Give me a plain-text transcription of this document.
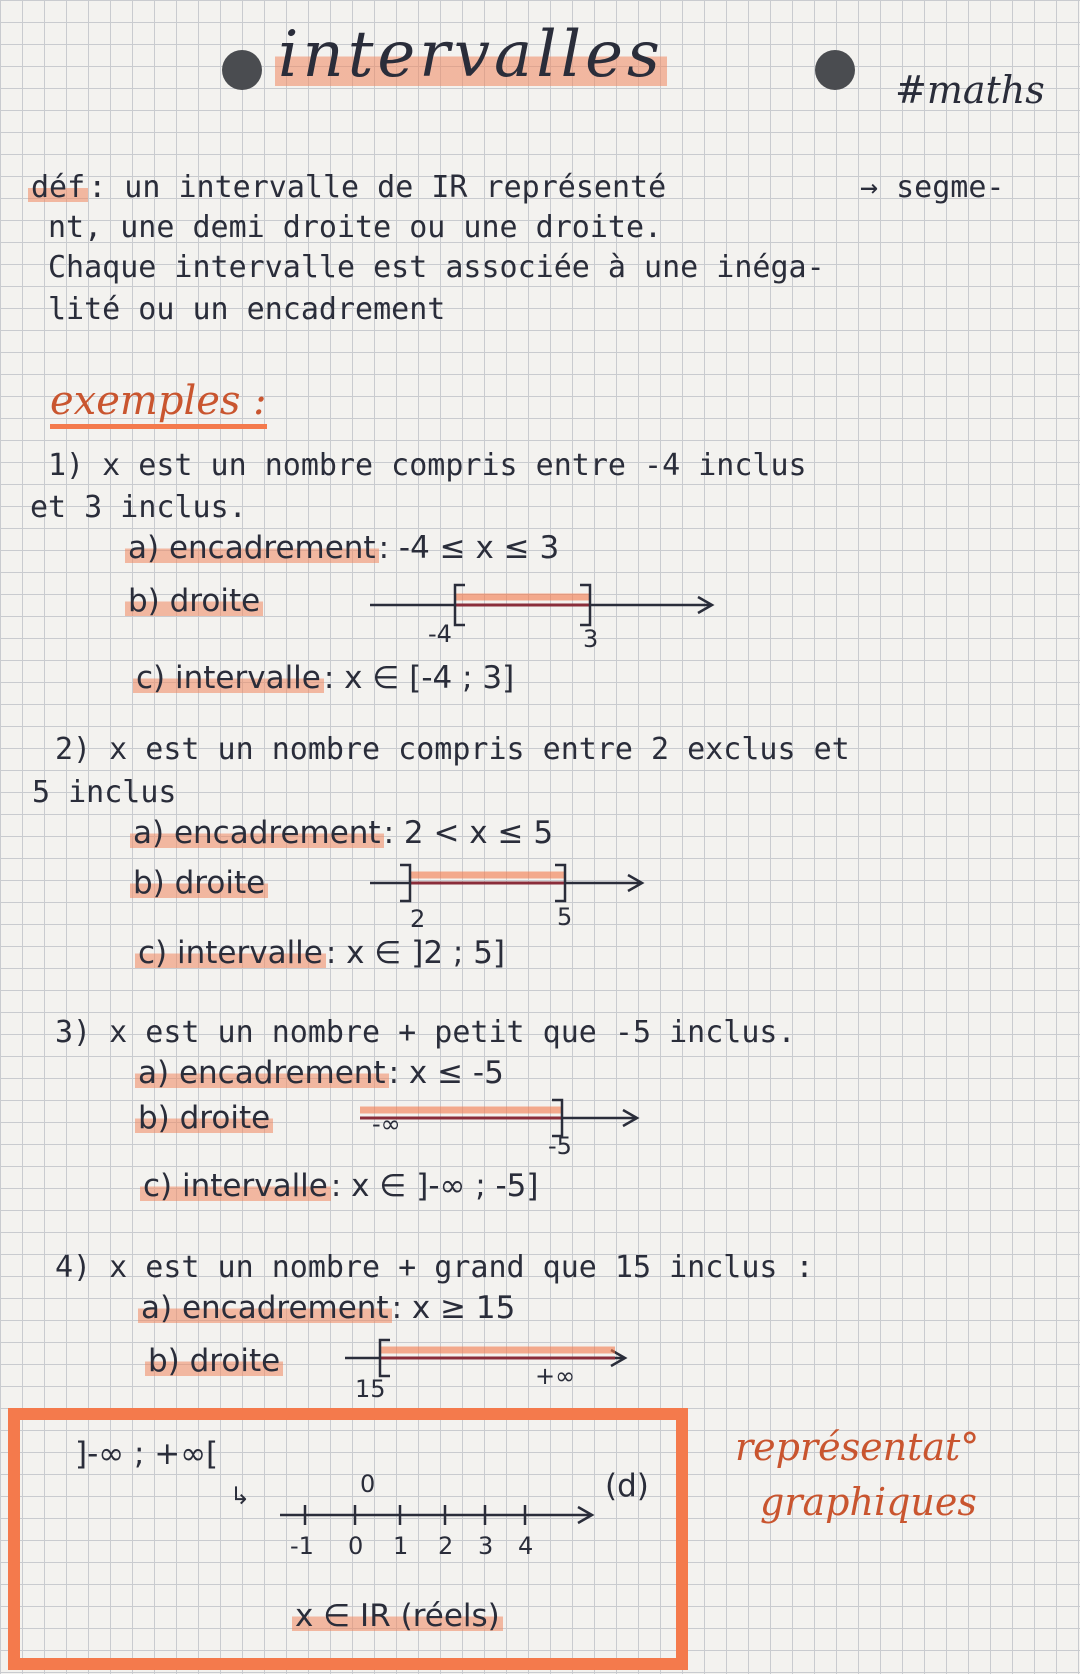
intervalles	#maths
déf : un intervalle de IR représenté	→ segme-
nt, une demi droite ou une droite.
Chaque intervalle est associée à une inéga-
lité ou un encadrement
exemples :
1) x est un nombre compris entre -4 inclus
et 3 inclus.
a) encadrement: -4 ≤ x ≤ 3
b) droite
-4	3
c) intervalle: x ∈ [-4 ; 3]
2) x est un nombre compris entre 2 exclus et
5 inclus
a) encadrement: 2 < x ≤ 5
b) droite
2	5
c) intervalle: x ∈ ]2 ; 5]
3) x est un nombre + petit que -5 inclus.
a) encadrement: x ≤ -5
b) droite	-∞
-5
c) intervalle: x ∈ ]-∞ ; -5]
4) x est un nombre + grand que 15 inclus :
a) encadrement: x ≥ 15
b) droite
15	+∞
]-∞ ; +∞[
(d)
↳	0
-1 0 1 2 3 4
x ∈ IR (réels)
représentat°
graphiques
